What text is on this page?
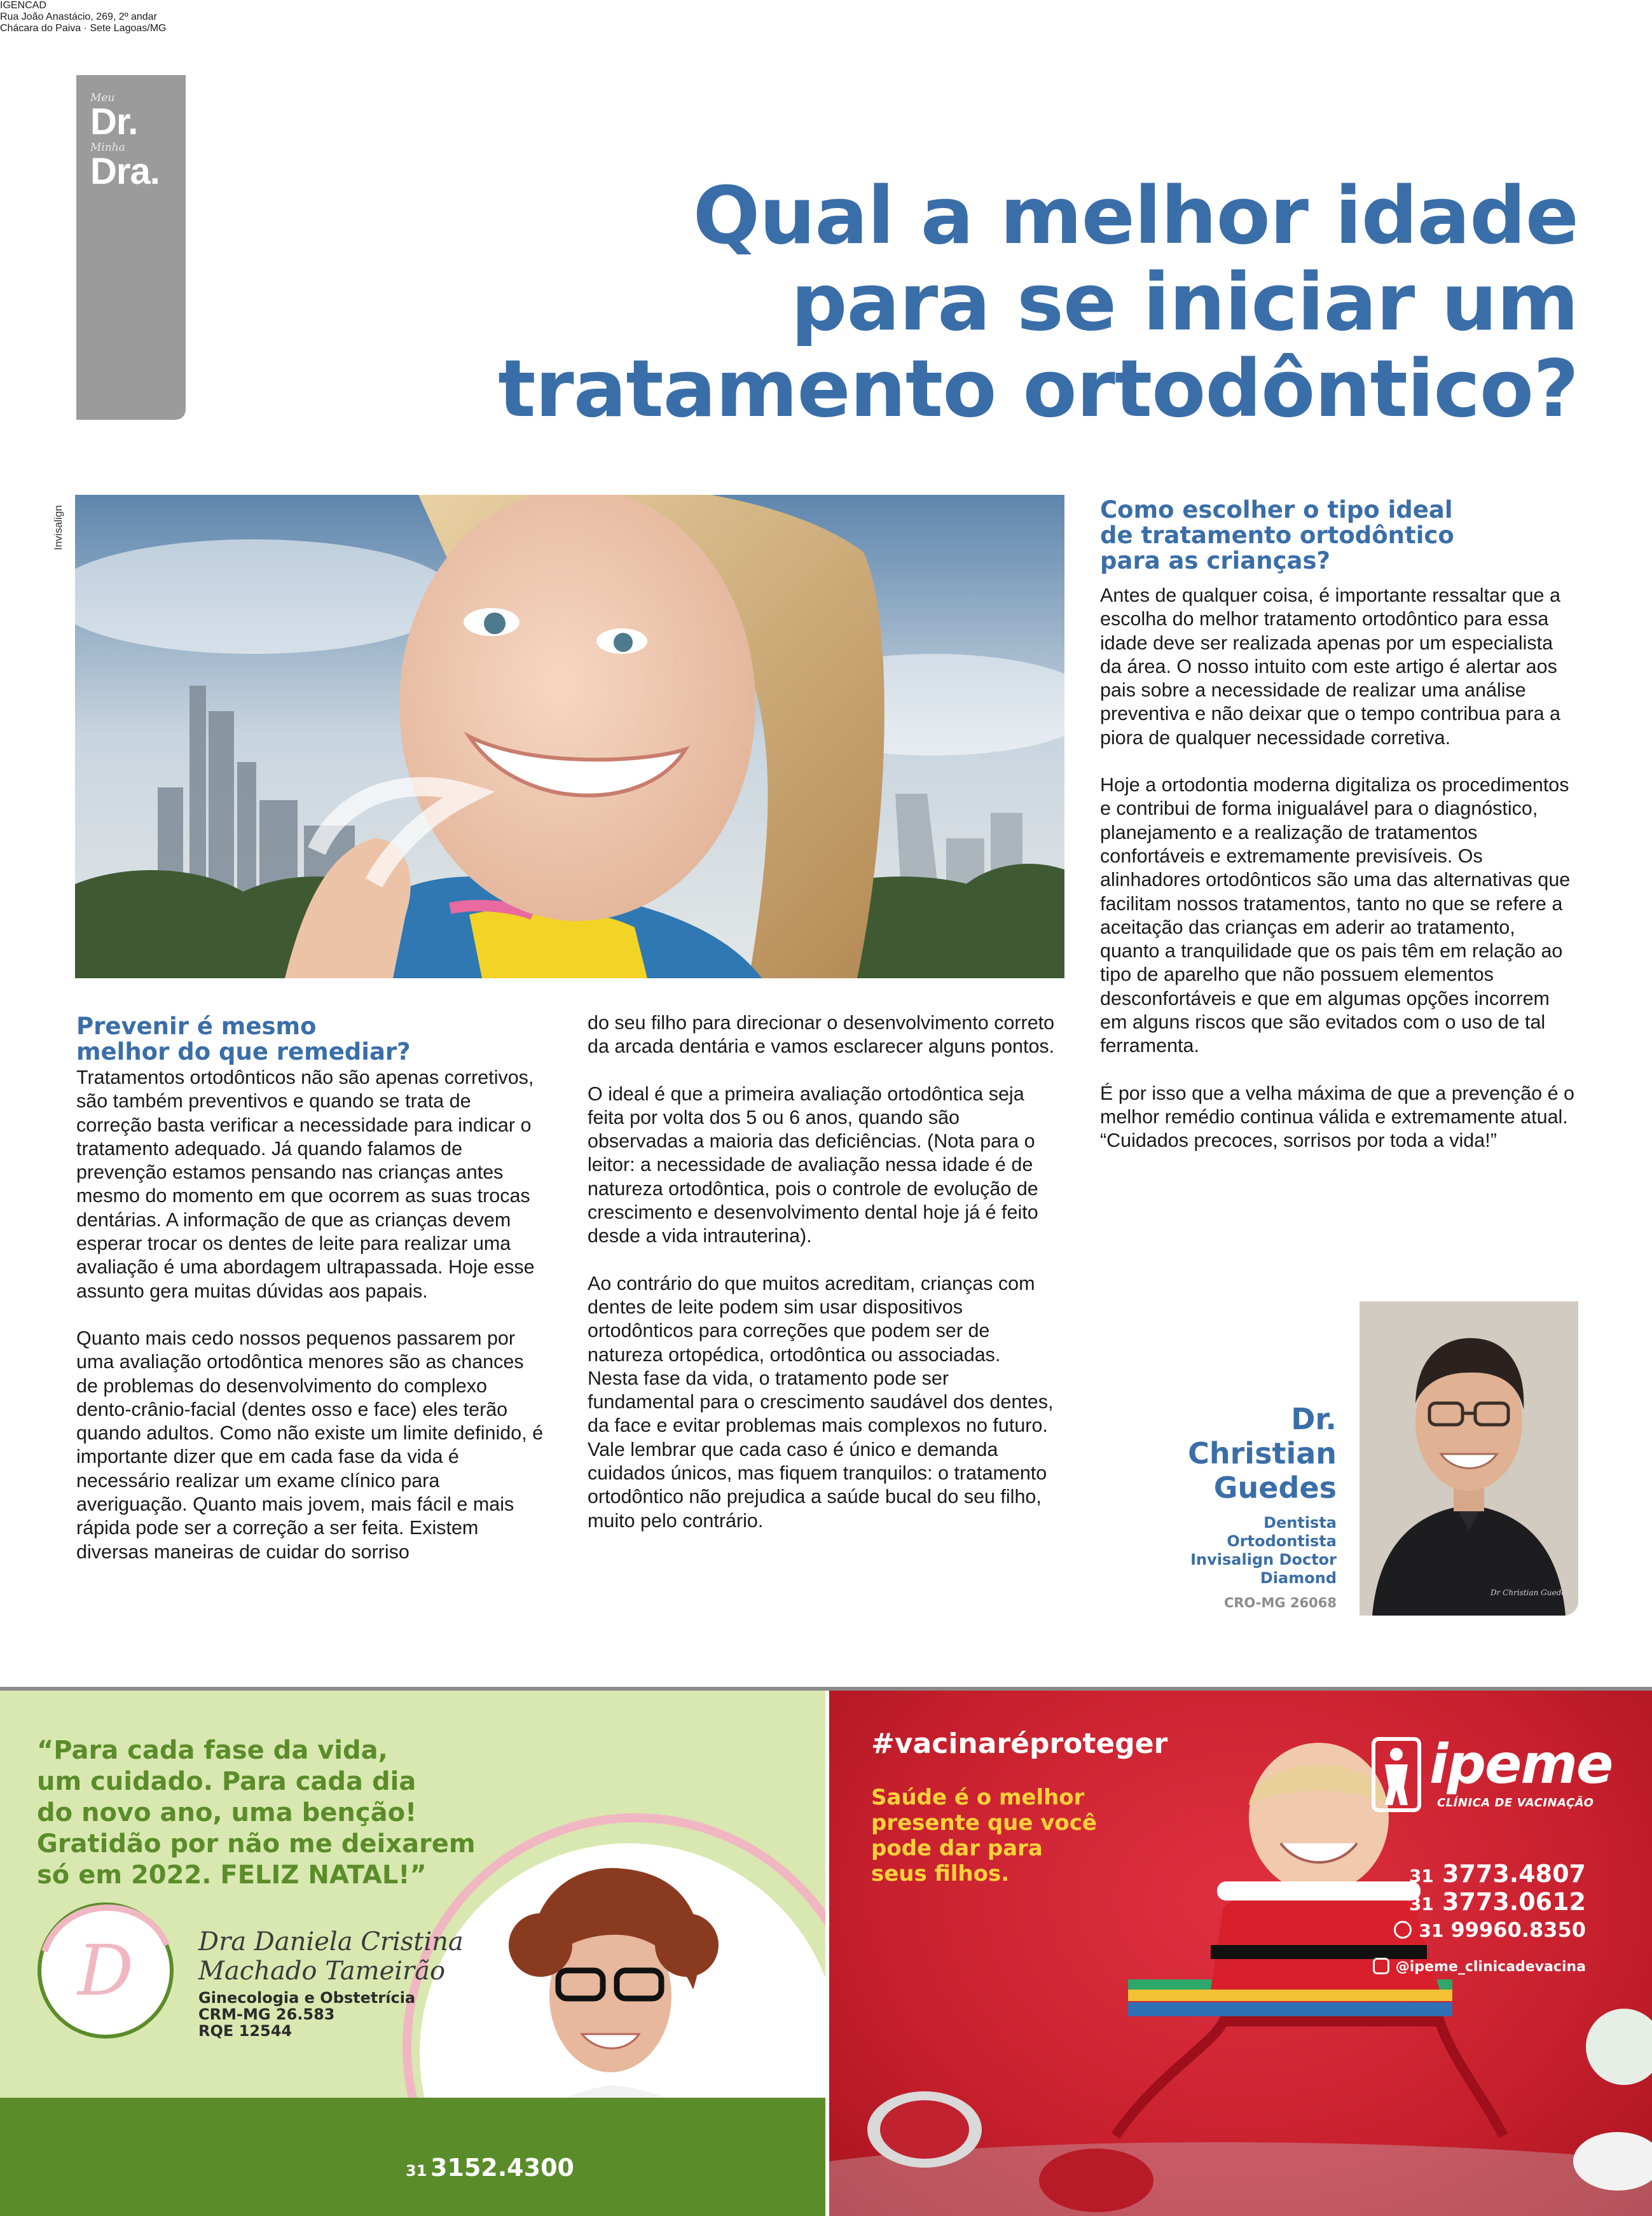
Meu
Dr.
Minha
Dra.	Qual a melhor idade
para se iniciar um
tratamento ortodôntico?
Invisalign
Prevenir é mesmo
melhor do que remediar?

Tratamentos ortodônticos não são apenas corretivos, são também preventivos e quando se trata de correção basta verificar a necessidade para indicar o tratamento adequado. Já quando falamos de prevenção estamos pensando nas crianças antes mesmo do momento em que ocorrem as suas trocas dentárias. A informação de que as crianças devem esperar trocar os dentes de leite para realizar uma avaliação é uma abordagem ultrapassada. Hoje esse assunto gera muitas dúvidas aos papais.

Quanto mais cedo nossos pequenos passarem por uma avaliação ortodôntica menores são as chances de problemas do desenvolvimento do complexo dento-crânio-facial (dentes osso e face) eles terão quando adultos. Como não existe um limite definido, é importante dizer que em cada fase da vida é necessário realizar um exame clínico para averiguação. Quanto mais jovem, mais fácil e mais rápida pode ser a correção a ser feita. Existem diversas maneiras de cuidar do sorriso

do seu filho para direcionar o desenvolvimento correto da arcada dentária e vamos esclarecer alguns pontos.

O ideal é que a primeira avaliação ortodôntica seja feita por volta dos 5 ou 6 anos, quando são observadas a maioria das deficiências. (Nota para o leitor: a necessidade de avaliação nessa idade é de natureza ortodôntica, pois o controle de evolução de crescimento e desenvolvimento dental hoje já é feito desde a vida intrauterina).

Ao contrário do que muitos acreditam, crianças com dentes de leite podem sim usar dispositivos ortodônticos para correções que podem ser de natureza ortopédica, ortodôntica ou associadas. Nesta fase da vida, o tratamento pode ser fundamental para o crescimento saudável dos dentes, da face e evitar problemas mais complexos no futuro. Vale lembrar que cada caso é único e demanda cuidados únicos, mas fiquem tranquilos: o tratamento ortodôntico não prejudica a saúde bucal do seu filho, muito pelo contrário.

Como escolher o tipo ideal
de tratamento ortodôntico
para as crianças?

Antes de qualquer coisa, é importante ressaltar que a escolha do melhor tratamento ortodôntico para essa idade deve ser realizada apenas por um especialista da área. O nosso intuito com este artigo é alertar aos pais sobre a necessidade de realizar uma análise preventiva e não deixar que o tempo contribua para a piora de qualquer necessidade corretiva.

Hoje a ortodontia moderna digitaliza os procedimentos e contribui de forma inigualável para o diagnóstico, planejamento e a realização de tratamentos confortáveis e extremamente previsíveis. Os alinhadores ortodônticos são uma das alternativas que facilitam nossos tratamentos, tanto no que se refere a aceitação das crianças em aderir ao tratamento, quanto a tranquilidade que os pais têm em relação ao tipo de aparelho que não possuem elementos desconfortáveis e que em algumas opções incorrem em alguns riscos que são evitados com o uso de tal ferramenta.

É por isso que a velha máxima de que a prevenção é o melhor remédio continua válida e extremamente atual. “Cuidados precoces, sorrisos por toda a vida!”

Dr Christian Guedes
Dr.
Christian
Guedes
Dentista
Ortodontista
Invisalign Doctor
Diamond
CRO-MG 26068
“Para cada fase da vida,
um cuidado. Para cada dia
do novo ano, uma benção!
Gratidão por não me deixarem
só em 2022. FELIZ NATAL!”
D	Dra Daniela Cristina
Machado Tameirão
Ginecologia e Obstetrícia
CRM-MG 26.583
RQE 12544
IGENCAD
Rua João Anastácio, 269, 2º andar
Chácara do Paiva · Sete Lagoas/MG
31 3152.4300
#vacinaréproteger
Saúde é o melhor
presente que você
pode dar para
seus filhos.
ipeme
CLÍNICA DE VACINAÇÃO
31 3773.4807
31 3773.0612
31 99960.8350
@ipeme_clinicadevacina
